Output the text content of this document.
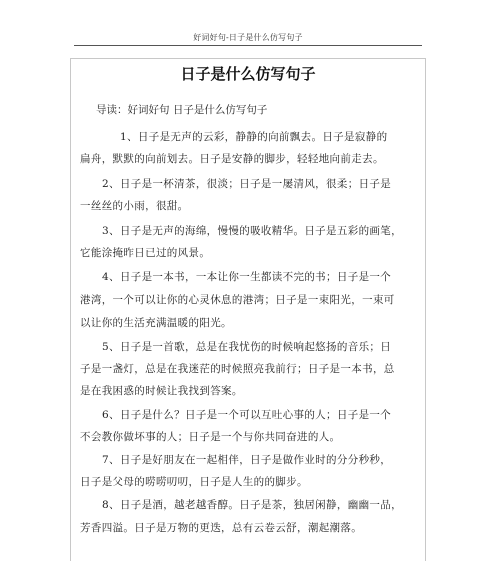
好词好句-日子是什么仿写句子
日子是什么仿写句子
导读：好词好句 日子是什么仿写句子
1、日子是无声的云彩，静静的向前飘去。日子是寂静的
扁舟，默默的向前划去。日子是安静的脚步，轻轻地向前走去。
2、日子是一杯清茶，很淡；日子是一屡清风，很柔；日子是
一丝丝的小雨，很甜。
3、日子是无声的海绵，慢慢的吸收精华。日子是五彩的画笔，
它能涂掩昨日已过的风景。
4、日子是一本书，一本让你一生都读不完的书；日子是一个
港湾，一个可以让你的心灵休息的港湾；日子是一束阳光，一束可
以让你的生活充满温暖的阳光。
5、日子是一首歌，总是在我忧伤的时候响起悠扬的音乐；日
子是一盏灯，总是在我迷茫的时候照亮我前行；日子是一本书，总
是在我困惑的时候让我找到答案。
6、日子是什么？日子是一个可以互吐心事的人；日子是一个
不会教你做坏事的人；日子是一个与你共同奋进的人。
7、日子是好朋友在一起相伴，日子是做作业时的分分秒秒，
日子是父母的唠唠叨叨，日子是人生的的脚步。
8、日子是酒，越老越香醇。日子是茶，独居闲静，幽幽一品，
芳香四溢。日子是万物的更迭，总有云卷云舒，潮起潮落。
